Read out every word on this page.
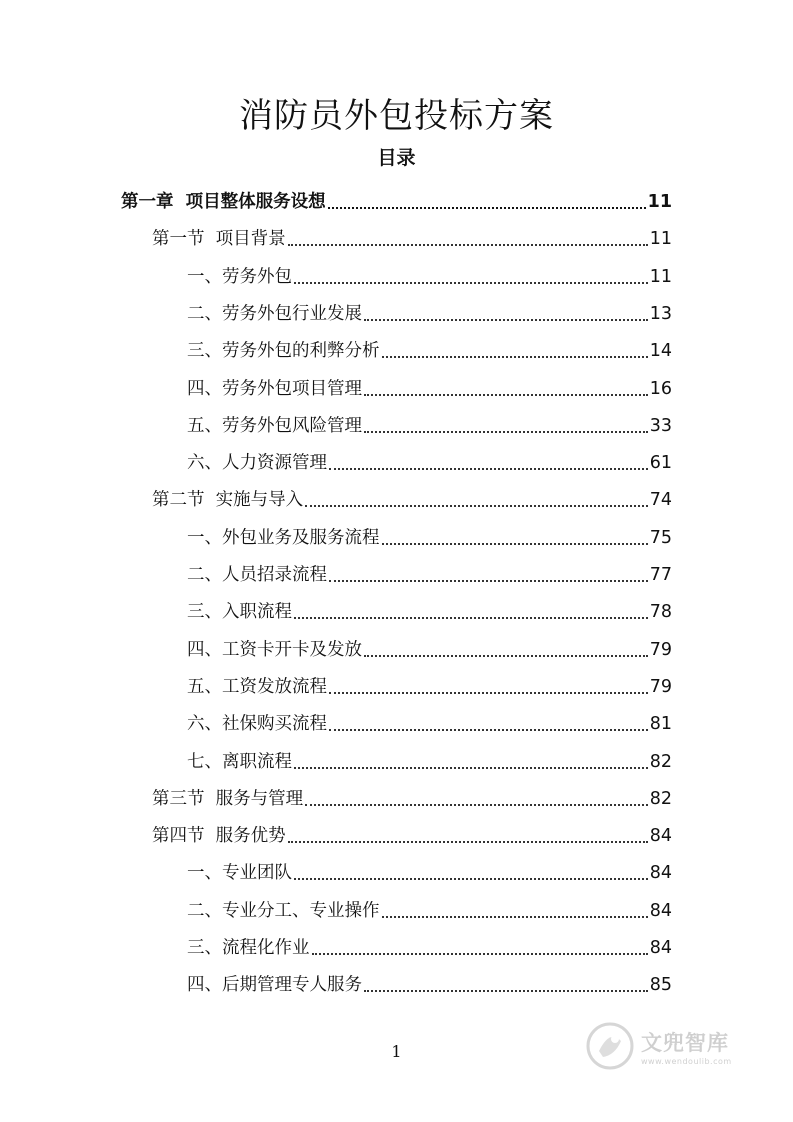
消防员外包投标方案
目录
第一章  项目整体服务设想	11
第一节  项目背景	11
一、劳务外包	11
二、劳务外包行业发展	13
三、劳务外包的利弊分析	14
四、劳务外包项目管理	16
五、劳务外包风险管理	33
六、人力资源管理	61
第二节  实施与导入	74
一、外包业务及服务流程	75
二、人员招录流程	77
三、入职流程	78
四、工资卡开卡及发放	79
五、工资发放流程	79
六、社保购买流程	81
七、离职流程	82
第三节  服务与管理	82
第四节  服务优势	84
一、专业团队	84
二、专业分工、专业操作	84
三、流程化作业	84
四、后期管理专人服务	85
1	文兜智库
www.wendoulib.com
